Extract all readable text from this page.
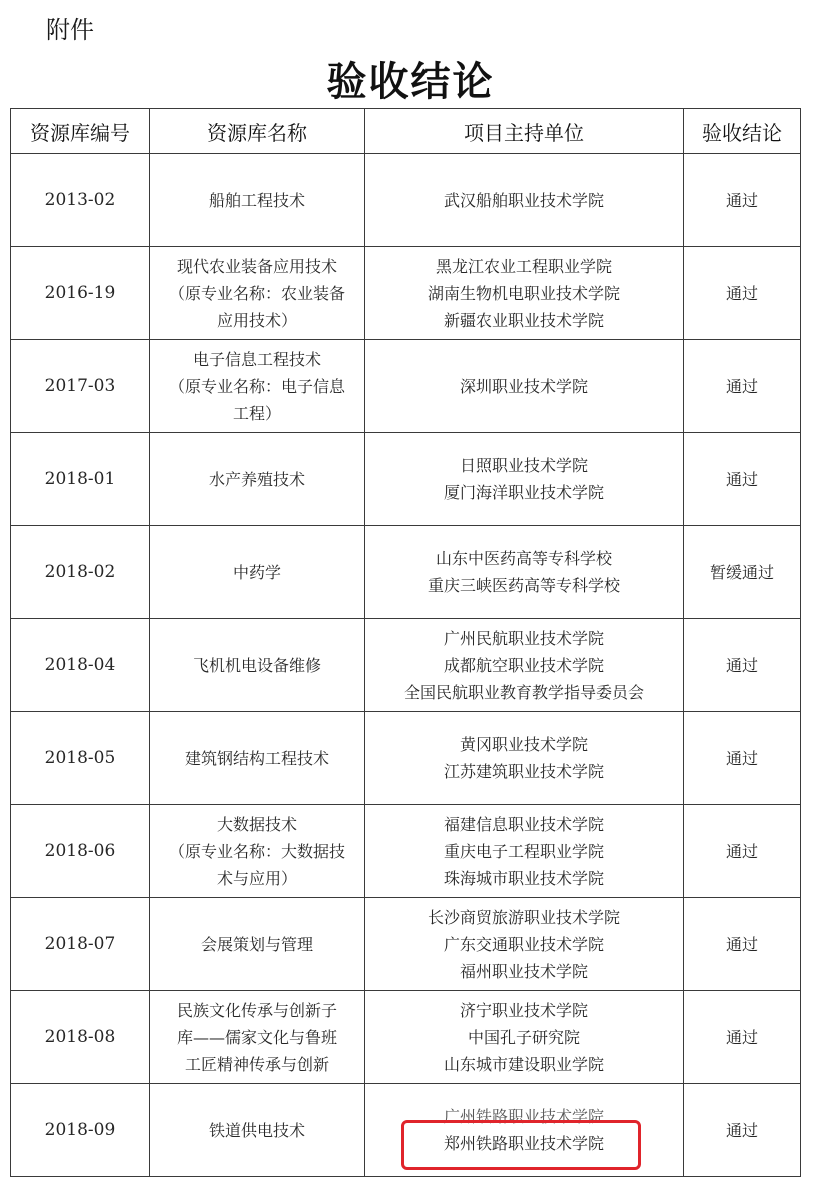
附件
验收结论
资源库编号	资源库名称	项目主持单位	验收结论
2013-02	船舶工程技术	武汉船舶职业技术学院	通过
2016-19	现代农业装备应用技术
（原专业名称：农业装备
应用技术）	黑龙江农业工程职业学院
湖南生物机电职业技术学院
新疆农业职业技术学院	通过
2017-03	电子信息工程技术
（原专业名称：电子信息
工程）	深圳职业技术学院	通过
2018-01	水产养殖技术	日照职业技术学院
厦门海洋职业技术学院	通过
2018-02	中药学	山东中医药高等专科学校
重庆三峡医药高等专科学校	暂缓通过
2018-04	飞机机电设备维修	广州民航职业技术学院
成都航空职业技术学院
全国民航职业教育教学指导委员会	通过
2018-05	建筑钢结构工程技术	黄冈职业技术学院
江苏建筑职业技术学院	通过
2018-06	大数据技术
（原专业名称：大数据技
术与应用）	福建信息职业技术学院
重庆电子工程职业学院
珠海城市职业技术学院	通过
2018-07	会展策划与管理	长沙商贸旅游职业技术学院
广东交通职业技术学院
福州职业技术学院	通过
2018-08	民族文化传承与创新子
库——儒家文化与鲁班
工匠精神传承与创新	济宁职业技术学院
中国孔子研究院
山东城市建设职业学院	通过
2018-09	铁道供电技术	广州铁路职业技术学院
郑州铁路职业技术学院	通过
